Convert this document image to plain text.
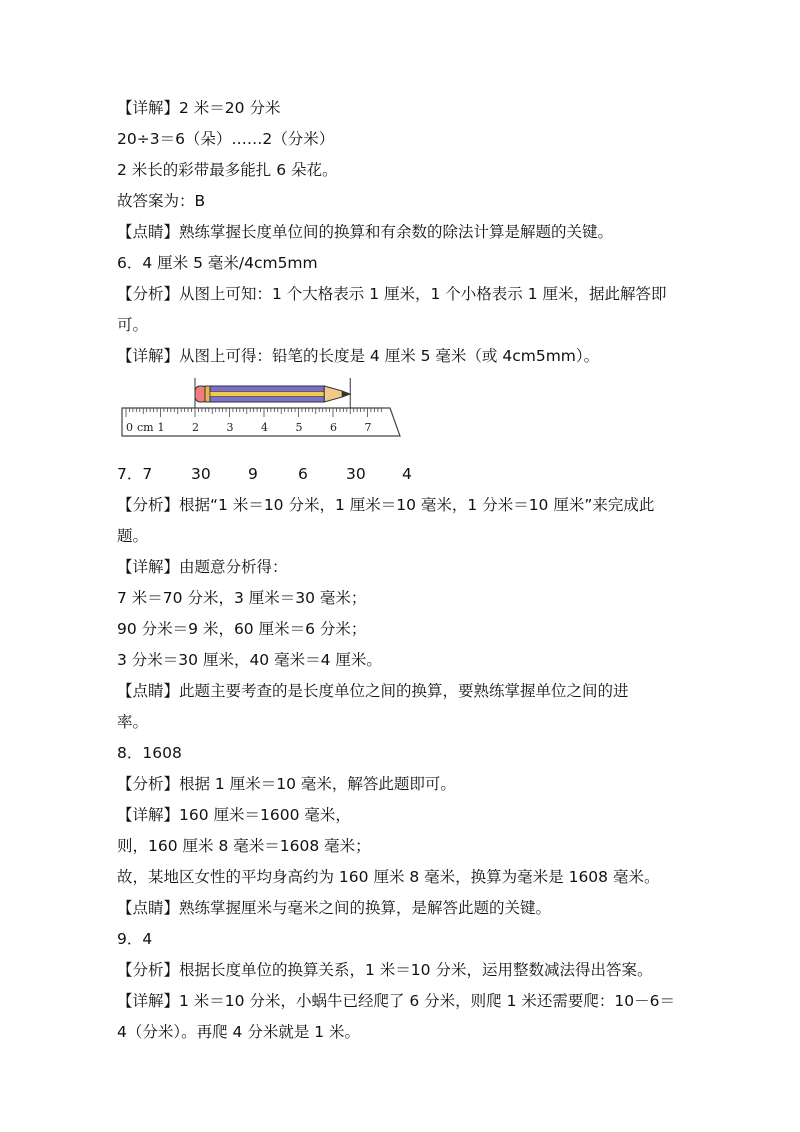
【详解】2 米＝20 分米
20÷3＝6（朵）……2（分米）
2 米长的彩带最多能扎 6 朵花。
故答案为：B
【点睛】熟练掌握长度单位间的换算和有余数的除法计算是解题的关键。
6．4 厘米 5 毫米/4cm5mm
【分析】从图上可知：1 个大格表示 1 厘米，1 个小格表示 1 厘米，据此解答即
可。
【详解】从图上可得：铅笔的长度是 4 厘米 5 毫米（或 4cm5mm）。
0 1	2	3	4	5	6	7
cm

7．7

	30

9

	6

30

4

【分析】根据“1 米＝10 分米，1 厘米＝10 毫米，1 分米＝10 厘米”来完成此
题。
【详解】由题意分析得：
7 米＝70 分米，3 厘米＝30 毫米；
90 分米＝9 米，60 厘米＝6 分米；
3 分米＝30 厘米，40 毫米＝4 厘米。
【点睛】此题主要考查的是长度单位之间的换算，要熟练掌握单位之间的进
率。
8．1608
【分析】根据 1 厘米＝10 毫米，解答此题即可。
【详解】160 厘米＝1600 毫米，
则，160 厘米 8 毫米＝1608 毫米；
故，某地区女性的平均身高约为 160 厘米 8 毫米，换算为毫米是 1608 毫米。
【点睛】熟练掌握厘米与毫米之间的换算，是解答此题的关键。
9．4
【分析】根据长度单位的换算关系，1 米＝10 分米，运用整数减法得出答案。
【详解】1 米＝10 分米，小蜗牛已经爬了 6 分米，则爬 1 米还需要爬：10－6＝
4（分米）。再爬 4 分米就是 1 米。
